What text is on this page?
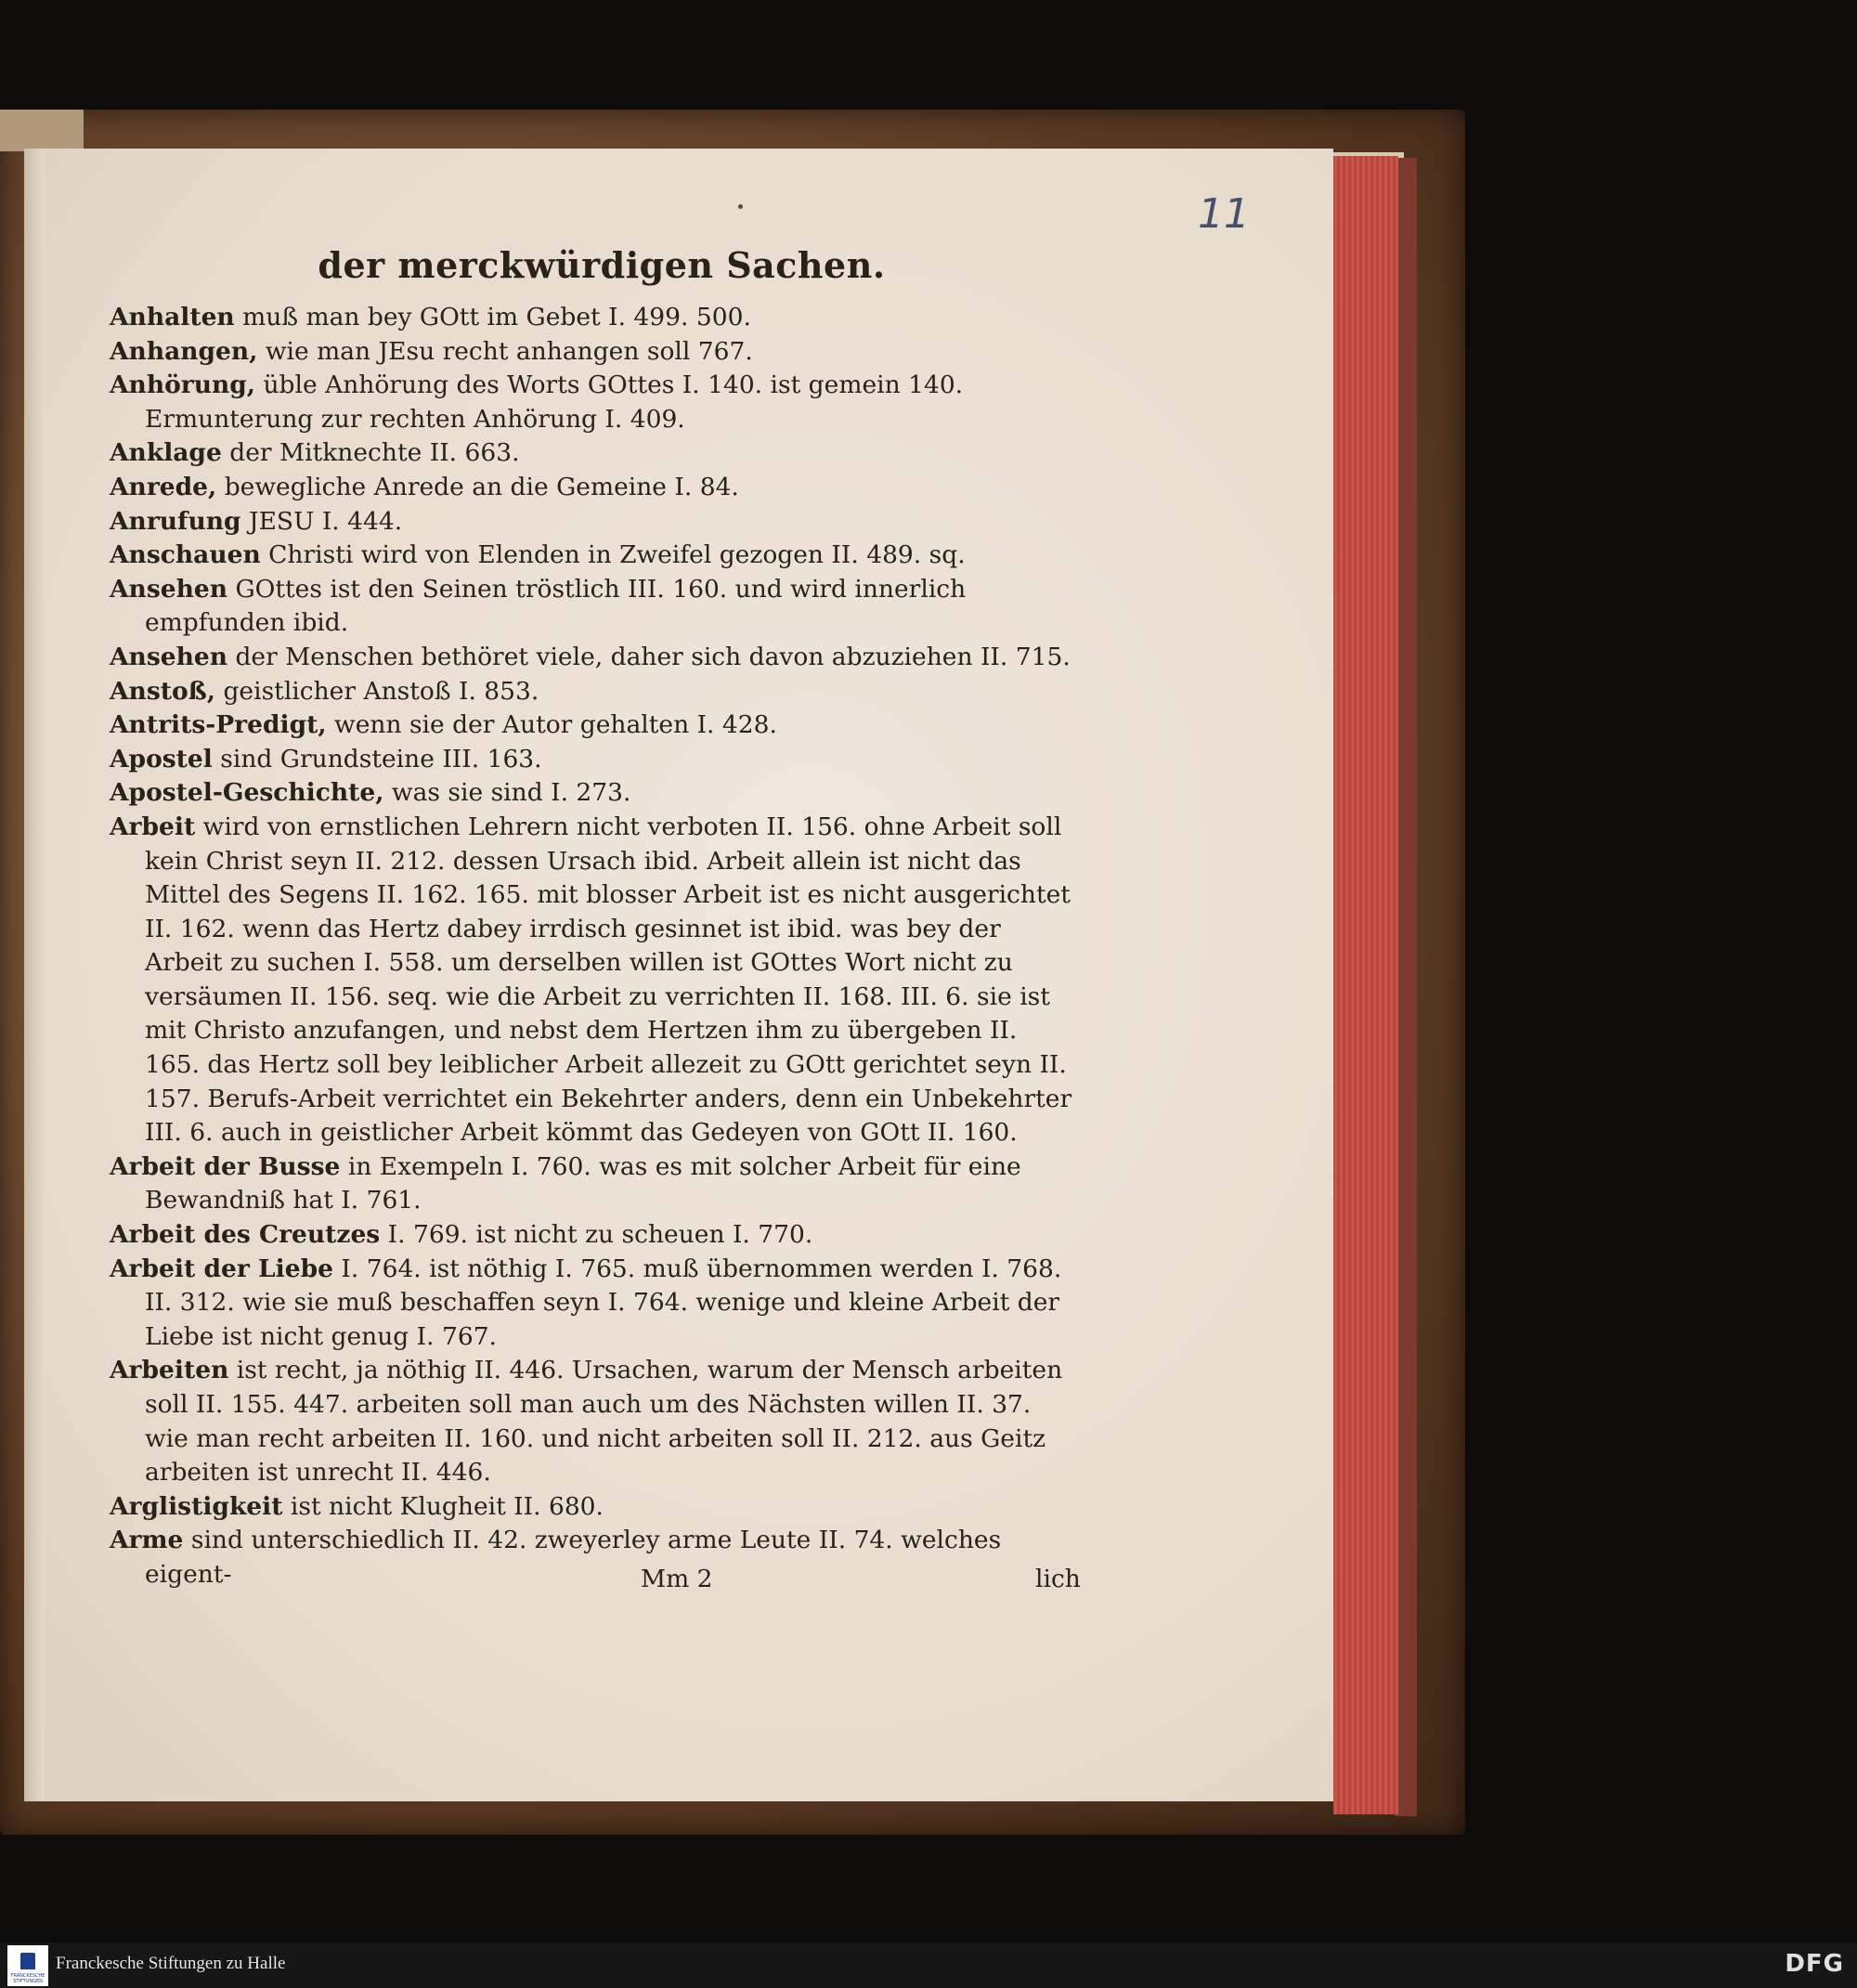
11
der merckwürdigen Sachen.

Anhalten muß man bey GOtt im Gebet I. 499. 500.

Anhangen, wie man JEsu recht anhangen soll 767.

Anhörung, üble Anhörung des Worts GOttes I. 140. ist gemein 140. Ermunterung zur rechten Anhörung I. 409.

Anklage der Mitknechte II. 663.

Anrede, bewegliche Anrede an die Gemeine I. 84.

Anrufung JESU I. 444.

Anschauen Christi wird von Elenden in Zweifel gezogen II. 489. sq.

Ansehen GOttes ist den Seinen tröstlich III. 160. und wird innerlich empfunden ibid.

Ansehen der Menschen bethöret viele, daher sich davon abzuziehen II. 715.

Anstoß, geistlicher Anstoß I. 853.

Antrits-Predigt, wenn sie der Autor gehalten I. 428.

Apostel sind Grundsteine III. 163.

Apostel-Geschichte, was sie sind I. 273.

Arbeit wird von ernstlichen Lehrern nicht verboten II. 156. ohne Arbeit soll kein Christ seyn II. 212. dessen Ursach ibid. Arbeit allein ist nicht das Mittel des Segens II. 162. 165. mit blosser Arbeit ist es nicht ausgerichtet II. 162. wenn das Hertz dabey irrdisch gesinnet ist ibid. was bey der Arbeit zu suchen I. 558. um derselben willen ist GOttes Wort nicht zu versäumen II. 156. seq. wie die Arbeit zu verrichten II. 168. III. 6. sie ist mit Christo anzufangen, und nebst dem Hertzen ihm zu übergeben II. 165. das Hertz soll bey leiblicher Arbeit allezeit zu GOtt gerichtet seyn II. 157. Berufs-Arbeit verrichtet ein Bekehrter anders, denn ein Unbekehrter III. 6. auch in geistlicher Arbeit kömmt das Gedeyen von GOtt II. 160.

Arbeit der Busse in Exempeln I. 760. was es mit solcher Arbeit für eine Bewandniß hat I. 761.

Arbeit des Creutzes I. 769. ist nicht zu scheuen I. 770.

Arbeit der Liebe I. 764. ist nöthig I. 765. muß übernommen werden I. 768. II. 312. wie sie muß beschaffen seyn I. 764. wenige und kleine Arbeit der Liebe ist nicht genug I. 767.

Arbeiten ist recht, ja nöthig II. 446. Ursachen, warum der Mensch arbeiten soll II. 155. 447. arbeiten soll man auch um des Nächsten willen II. 37. wie man recht arbeiten II. 160. und nicht arbeiten soll II. 212. aus Geitz arbeiten ist unrecht II. 446.

Arglistigkeit ist nicht Klugheit II. 680.

Arme sind unterschiedlich II. 42. zweyerley arme Leute II. 74. welches eigent-	Mm 2	lich
FRANCKESCHE STIFTUNGEN
Franckesche Stiftungen zu Halle	DFG
